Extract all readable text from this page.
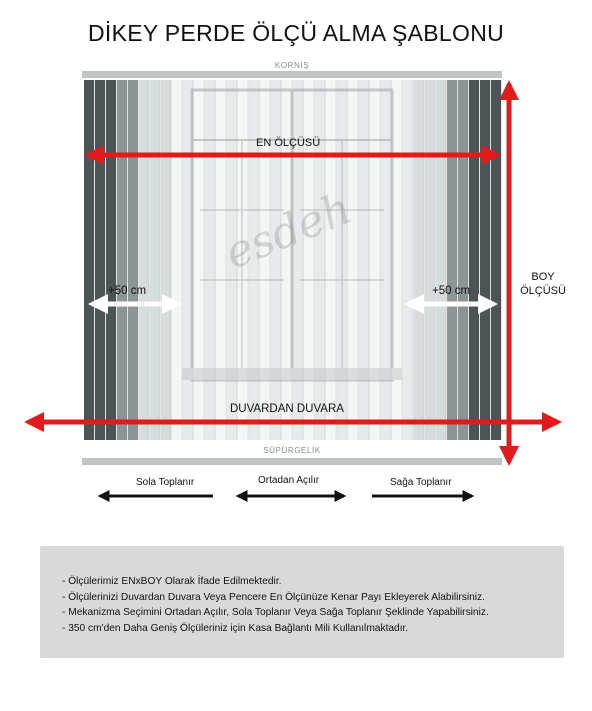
DİKEY PERDE ÖLÇÜ ALMA ŞABLONU
esdeh
KORNİŞ
SÜPÜRGELİK
EN ÖLÇÜSÜ
DUVARDAN DUVARA
+50 cm	+50 cm
BOY
ÖLÇÜSÜ
Sola Toplanır	Ortadan Açılır	Sağa Toplanır
- Ölçülerimiz ENxBOY Olarak İfade Edilmektedir.
- Ölçülerinizi Duvardan Duvara Veya Pencere En Ölçünüze Kenar Payı Ekleyerek Alabilirsiniz.
- Mekanizma Seçimini Ortadan Açılır, Sola Toplanır Veya Sağa Toplanır Şeklinde Yapabilirsiniz.
- 350 cm'den Daha Geniş Ölçüleriniz için Kasa Bağlantı Mili Kullanılmaktadır.
